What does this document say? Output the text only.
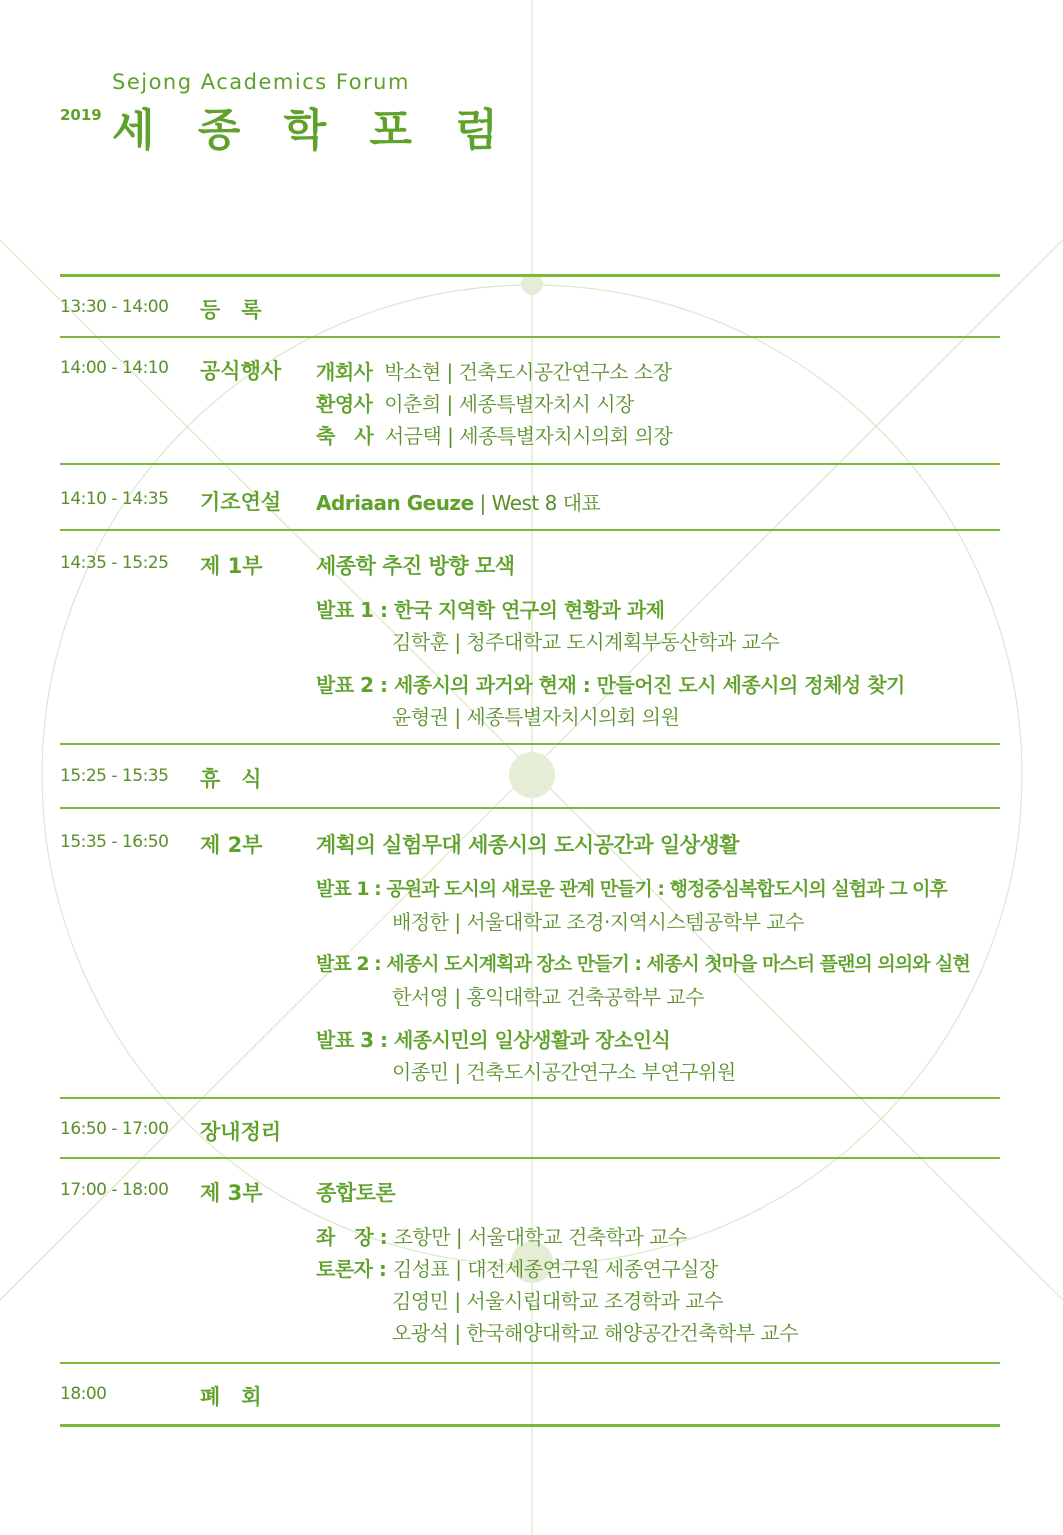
Sejong Academics Forum
2019 세 종 학 포 럼
13:30 - 14:00 등　록
14:00 - 14:10 공식행사 개회사 박소현 | 건축도시공간연구소 소장
환영사 이춘희 | 세종특별자치시 시장
축　사 서금택 | 세종특별자치시의회 의장
14:10 - 14:35 기조연설 Adriaan Geuze | West 8 대표
14:35 - 15:25 제 1부	세종학 추진 방향 모색
발표 1 : 한국 지역학 연구의 현황과 과제
김학훈 | 청주대학교 도시계획부동산학과 교수
발표 2 : 세종시의 과거와 현재 : 만들어진 도시 세종시의 정체성 찾기
윤형권 | 세종특별자치시의회 의원
15:25 - 15:35 휴　식
15:35 - 16:50 제 2부	계획의 실험무대 세종시의 도시공간과 일상생활
발표 1 : 공원과 도시의 새로운 관계 만들기 : 행정중심복합도시의 실험과 그 이후
배정한 | 서울대학교 조경·지역시스템공학부 교수
발표 2 : 세종시 도시계획과 장소 만들기 : 세종시 첫마을 마스터 플랜의 의의와 실현
한서영 | 홍익대학교 건축공학부 교수
발표 3 : 세종시민의 일상생활과 장소인식
이종민 | 건축도시공간연구소 부연구위원
16:50 - 17:00 장내정리
17:00 - 18:00 제 3부	종합토론
좌　장 : 조항만 | 서울대학교 건축학과 교수
토론자 : 김성표 | 대전세종연구원 세종연구실장
김영민 | 서울시립대학교 조경학과 교수
오광석 | 한국해양대학교 해양공간건축학부 교수
18:00	폐　회
